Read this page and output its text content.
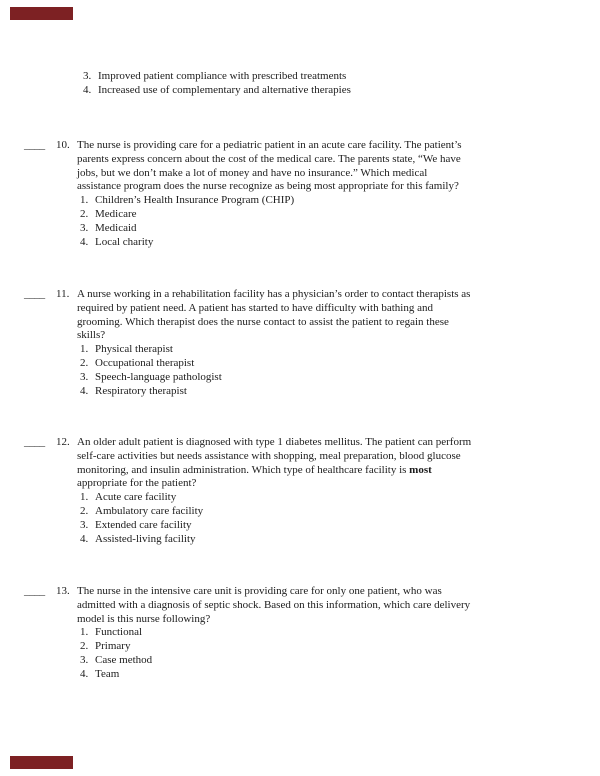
3. Improved patient compliance with prescribed treatments
4. Increased use of complementary and alternative therapies
____ 10. The nurse is providing care for a pediatric patient in an acute care facility. The patient’s
parents express concern about the cost of the medical care. The parents state, “We have
jobs, but we don’t make a lot of money and have no insurance.” Which medical
assistance program does the nurse recognize as being most appropriate for this family?
1. Children’s Health Insurance Program (CHIP)
2. Medicare
3. Medicaid
4. Local charity
____ 11. A nurse working in a rehabilitation facility has a physician’s order to contact therapists as
required by patient need. A patient has started to have difficulty with bathing and
grooming. Which therapist does the nurse contact to assist the patient to regain these
skills?
1. Physical therapist
2. Occupational therapist
3. Speech-language pathologist
4. Respiratory therapist
____ 12. An older adult patient is diagnosed with type 1 diabetes mellitus. The patient can perform
self-care activities but needs assistance with shopping, meal preparation, blood glucose
monitoring, and insulin administration. Which type of healthcare facility is most
appropriate for the patient?
1. Acute care facility
2. Ambulatory care facility
3. Extended care facility
4. Assisted-living facility
____ 13. The nurse in the intensive care unit is providing care for only one patient, who was
admitted with a diagnosis of septic shock. Based on this information, which care delivery
model is this nurse following?
1. Functional
2. Primary
3. Case method
4. Team
